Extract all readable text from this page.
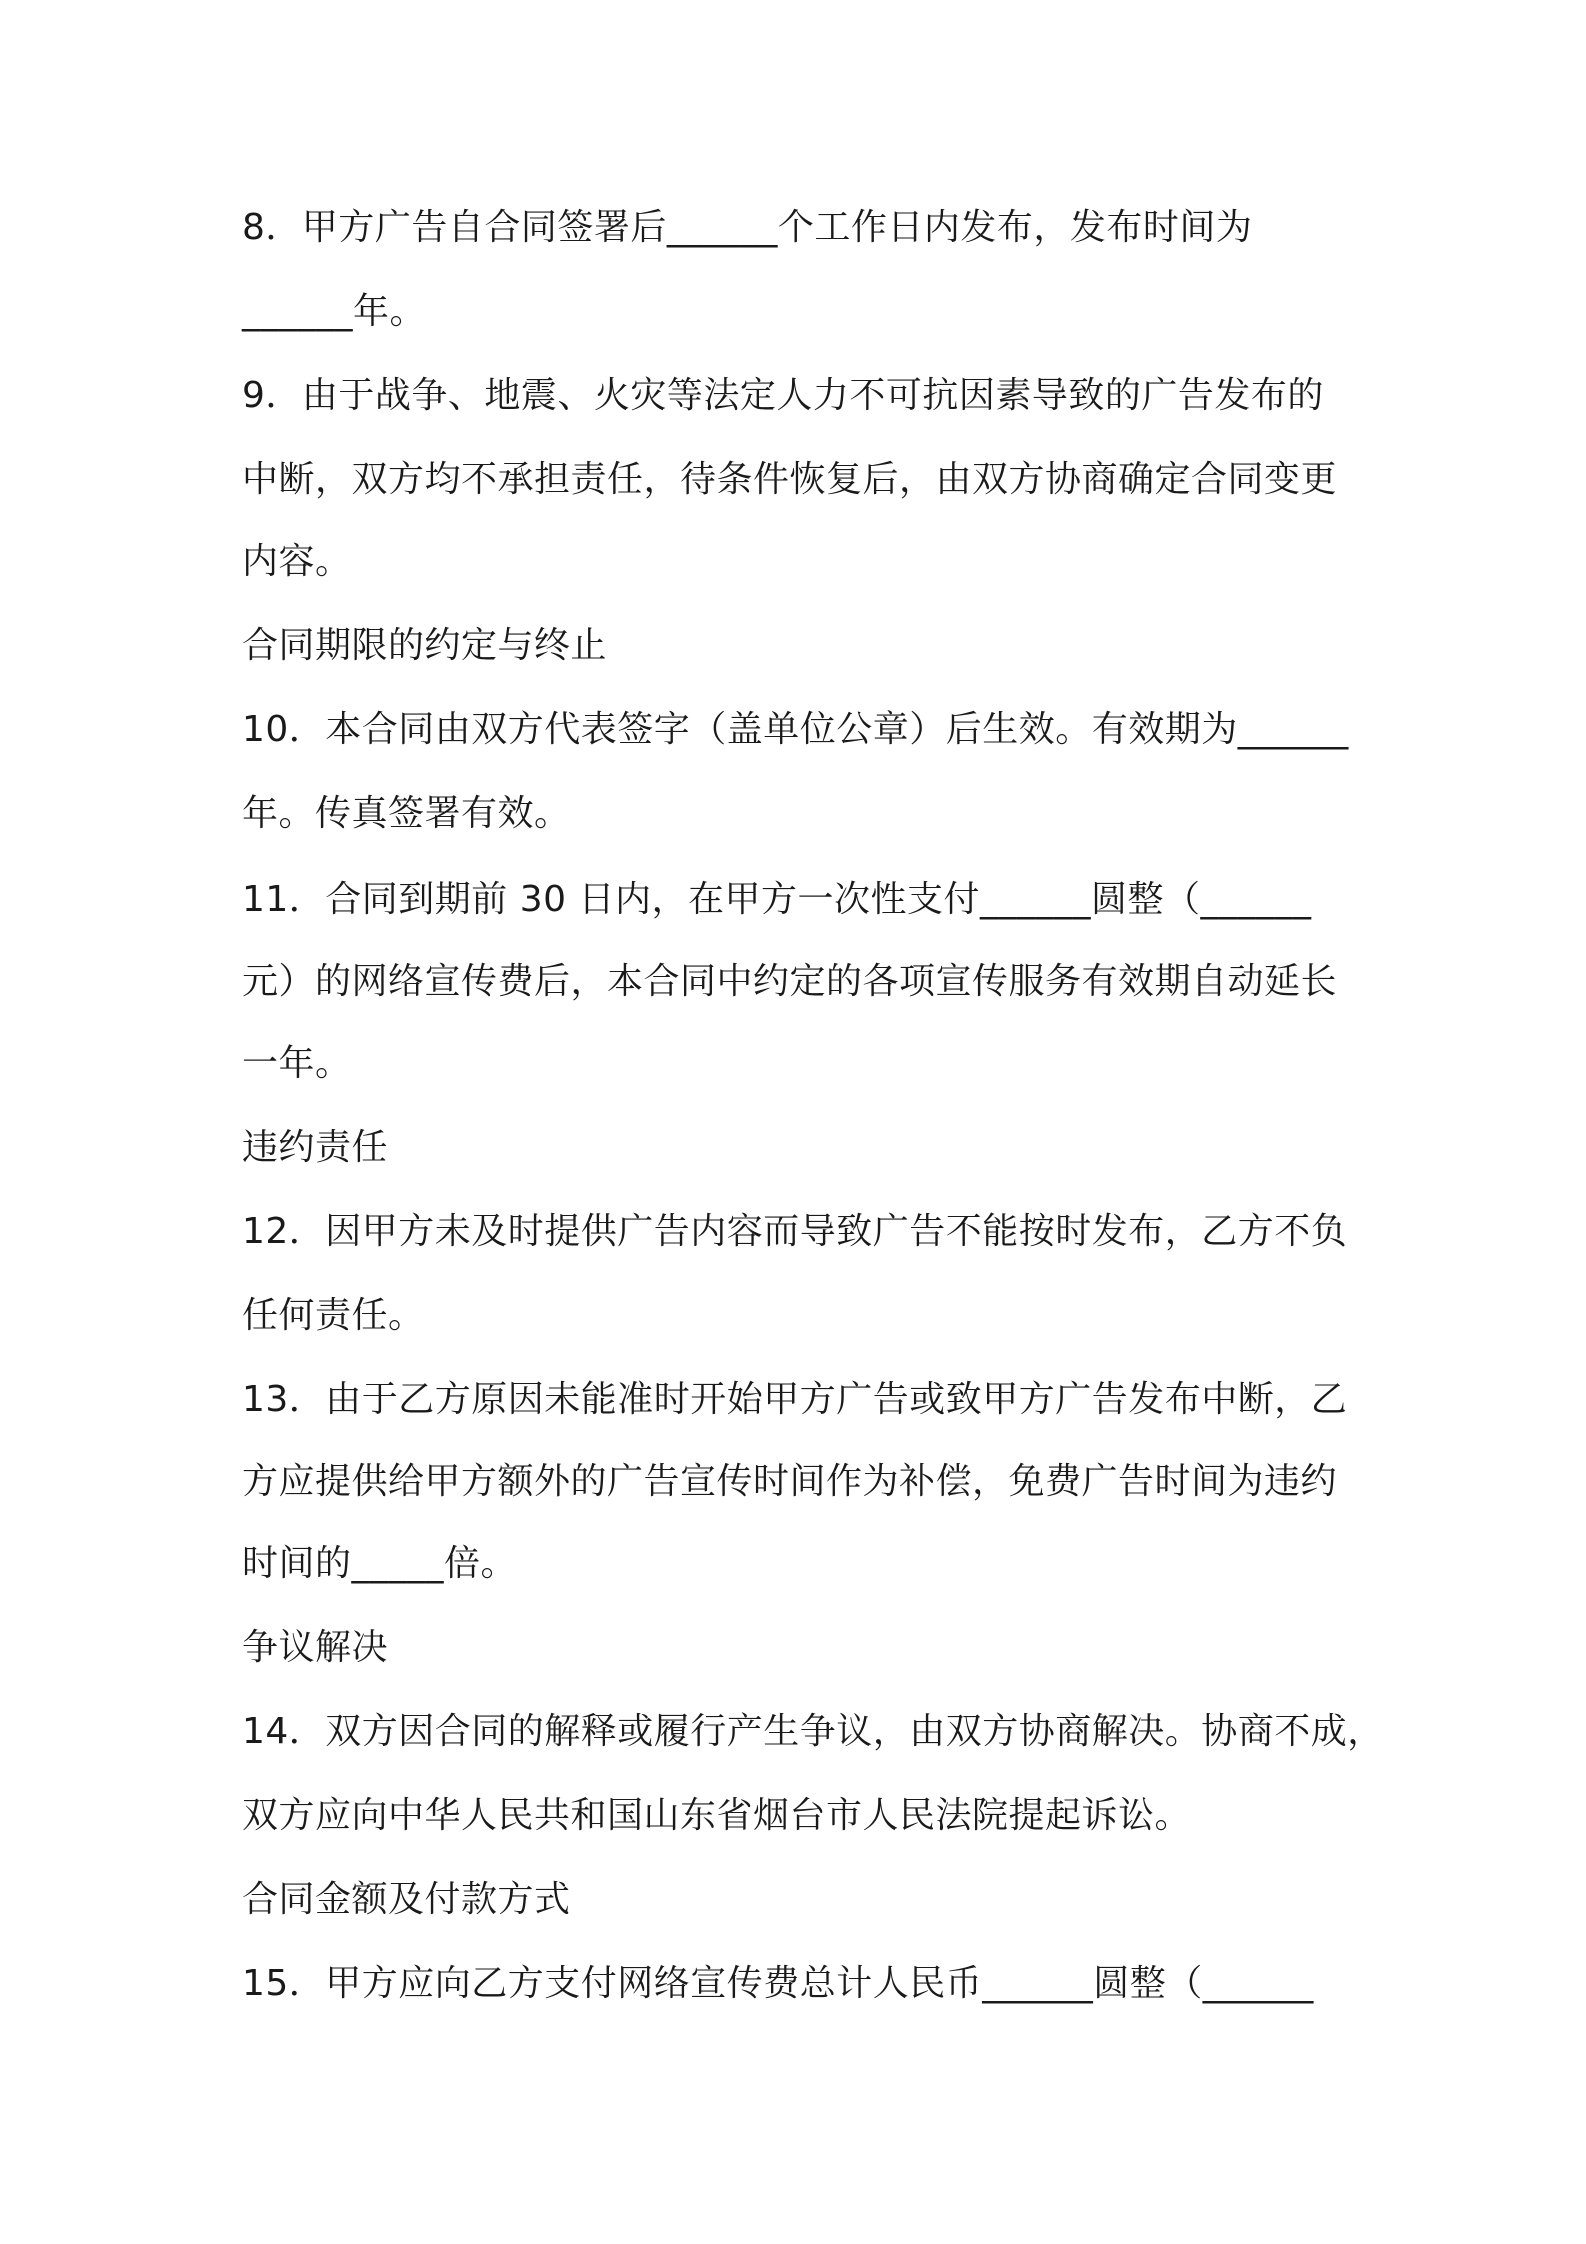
8．甲方广告自合同签署后______个工作日内发布，发布时间为
______年。
9．由于战争、地震、火灾等法定人力不可抗因素导致的广告发布的
中断，双方均不承担责任，待条件恢复后，由双方协商确定合同变更
内容。
合同期限的约定与终止
10．本合同由双方代表签字（盖单位公章）后生效。有效期为______
年。传真签署有效。
11．合同到期前 30 日内，在甲方一次性支付______圆整（______
元）的网络宣传费后，本合同中约定的各项宣传服务有效期自动延长
一年。
违约责任
12．因甲方未及时提供广告内容而导致广告不能按时发布，乙方不负
任何责任。
13．由于乙方原因未能准时开始甲方广告或致甲方广告发布中断，乙
方应提供给甲方额外的广告宣传时间作为补偿，免费广告时间为违约
时间的_____倍。
争议解决
14．双方因合同的解释或履行产生争议，由双方协商解决。协商不成，
双方应向中华人民共和国山东省烟台市人民法院提起诉讼。
合同金额及付款方式
15．甲方应向乙方支付网络宣传费总计人民币______圆整（______
